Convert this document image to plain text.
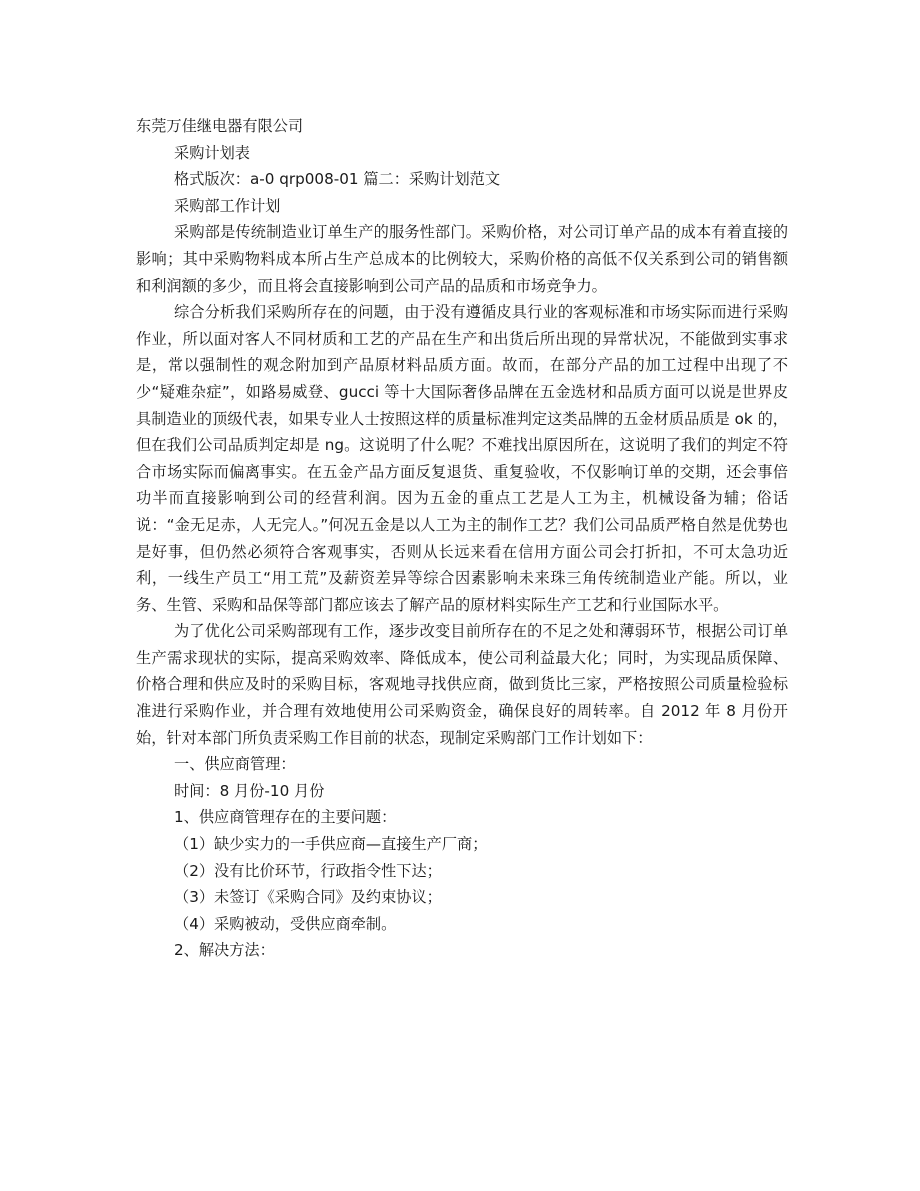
东莞万佳继电器有限公司

采购计划表

格式版次：a-0 qrp008-01 篇二：采购计划范文

采购部工作计划

采购部是传统制造业订单生产的服务性部门。采购价格，对公司订单产品的成本有着直接的影响；其中采购物料成本所占生产总成本的比例较大，采购价格的高低不仅关系到公司的销售额和利润额的多少，而且将会直接影响到公司产品的品质和市场竞争力。

综合分析我们采购所存在的问题，由于没有遵循皮具行业的客观标准和市场实际而进行采购作业，所以面对客人不同材质和工艺的产品在生产和出货后所出现的异常状况，不能做到实事求是，常以强制性的观念附加到产品原材料品质方面。故而，在部分产品的加工过程中出现了不少“疑难杂症”，如路易威登、gucci 等十大国际奢侈品牌在五金选材和品质方面可以说是世界皮具制造业的顶级代表，如果专业人士按照这样的质量标准判定这类品牌的五金材质品质是 ok 的，但在我们公司品质判定却是 ng。这说明了什么呢？不难找出原因所在，这说明了我们的判定不符合市场实际而偏离事实。在五金产品方面反复退货、重复验收，不仅影响订单的交期，还会事倍功半而直接影响到公司的经营利润。因为五金的重点工艺是人工为主，机械设备为辅；俗话说：“金无足赤，人无完人。”何况五金是以人工为主的制作工艺？我们公司品质严格自然是优势也是好事，但仍然必须符合客观事实，否则从长远来看在信用方面公司会打折扣，不可太急功近利，一线生产员工“用工荒”及薪资差异等综合因素影响未来珠三角传统制造业产能。所以，业务、生管、采购和品保等部门都应该去了解产品的原材料实际生产工艺和行业国际水平。

为了优化公司采购部现有工作，逐步改变目前所存在的不足之处和薄弱环节，根据公司订单生产需求现状的实际，提高采购效率、降低成本，使公司利益最大化；同时，为实现品质保障、价格合理和供应及时的采购目标，客观地寻找供应商，做到货比三家，严格按照公司质量检验标准进行采购作业，并合理有效地使用公司采购资金，确保良好的周转率。自 2012 年 8 月份开始，针对本部门所负责采购工作目前的状态，现制定采购部门工作计划如下：

一、供应商管理：

时间：8 月份-10 月份

1、供应商管理存在的主要问题：

（1）缺少实力的一手供应商—直接生产厂商；

（2）没有比价环节，行政指令性下达；

（3）未签订《采购合同》及约束协议；

（4）采购被动，受供应商牵制。

2、解决方法：
